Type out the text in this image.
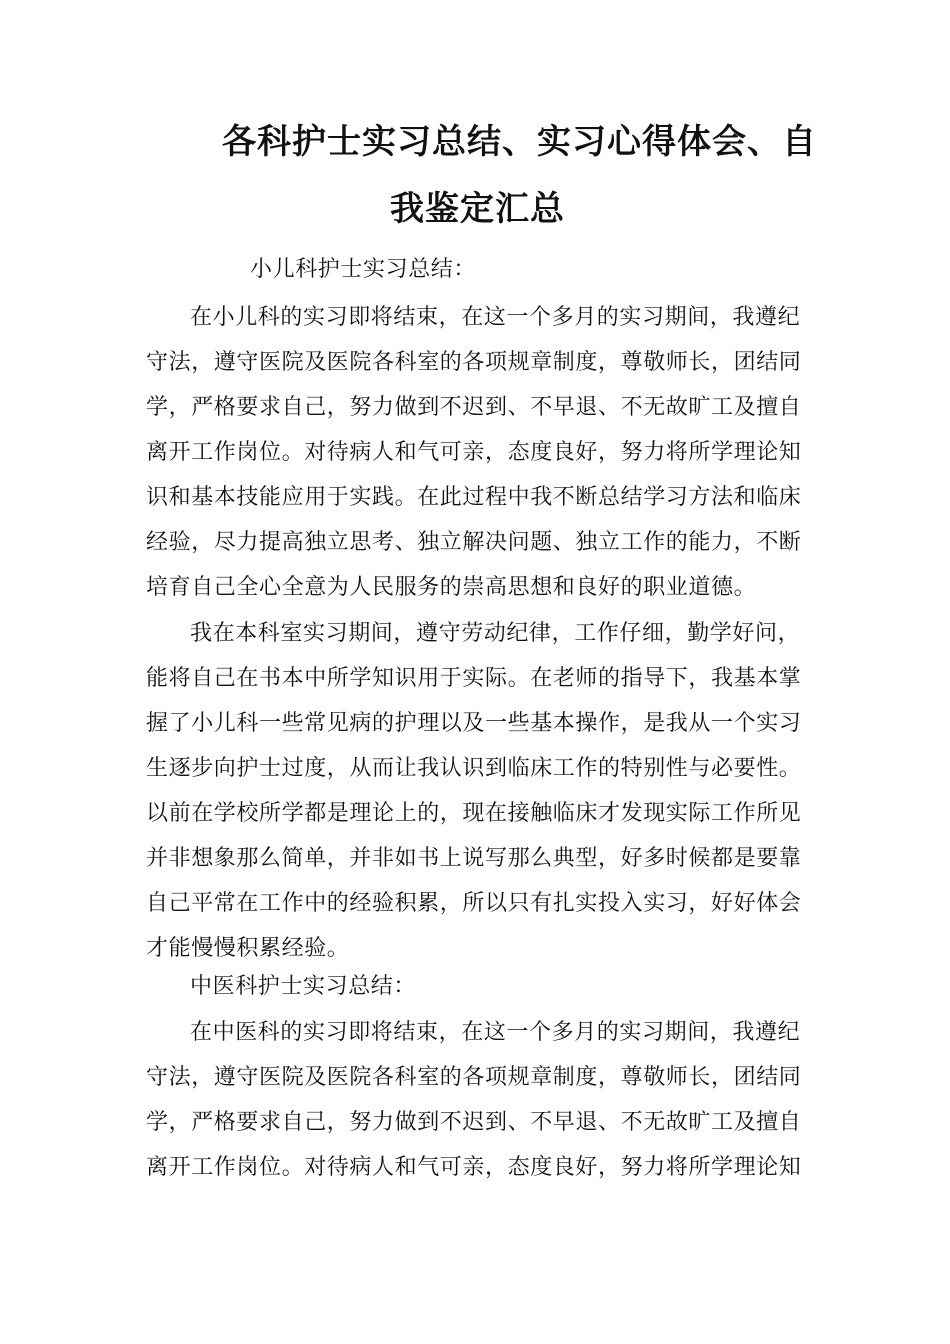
各科护士实习总结、实习心得体会、自
我鉴定汇总
小儿科护士实习总结：
在小儿科的实习即将结束，在这一个多月的实习期间，我遵纪
守法，遵守医院及医院各科室的各项规章制度，尊敬师长，团结同
学，严格要求自己，努力做到不迟到、不早退、不无故旷工及擅自
离开工作岗位。对待病人和气可亲，态度良好，努力将所学理论知
识和基本技能应用于实践。在此过程中我不断总结学习方法和临床
经验，尽力提高独立思考、独立解决问题、独立工作的能力，不断
培育自己全心全意为人民服务的崇高思想和良好的职业道德。
我在本科室实习期间，遵守劳动纪律，工作仔细，勤学好问，
能将自己在书本中所学知识用于实际。在老师的指导下，我基本掌
握了小儿科一些常见病的护理以及一些基本操作，是我从一个实习
生逐步向护士过度，从而让我认识到临床工作的特别性与必要性。
以前在学校所学都是理论上的，现在接触临床才发现实际工作所见
并非想象那么简单，并非如书上说写那么典型，好多时候都是要靠
自己平常在工作中的经验积累，所以只有扎实投入实习，好好体会
才能慢慢积累经验。
中医科护士实习总结：
在中医科的实习即将结束，在这一个多月的实习期间，我遵纪
守法，遵守医院及医院各科室的各项规章制度，尊敬师长，团结同
学，严格要求自己，努力做到不迟到、不早退、不无故旷工及擅自
离开工作岗位。对待病人和气可亲，态度良好，努力将所学理论知
